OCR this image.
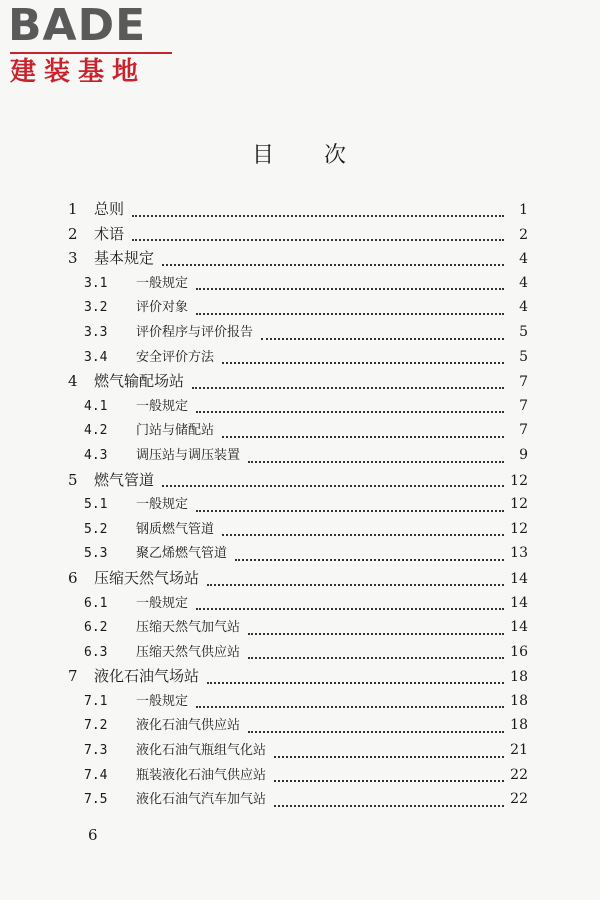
BADE
建装基地
目 次
1	总则	1
2	术语	2
3	基本规定	4
3.1	一般规定	4
3.2	评价对象	4
3.3	评价程序与评价报告	5
3.4	安全评价方法	5
4	燃气输配场站	7
4.1	一般规定	7
4.2	门站与储配站	7
4.3	调压站与调压装置	9
5	燃气管道	12
5.1	一般规定	12
5.2	钢质燃气管道	12
5.3	聚乙烯燃气管道	13
6	压缩天然气场站	14
6.1	一般规定	14
6.2	压缩天然气加气站	14
6.3	压缩天然气供应站	16
7	液化石油气场站	18
7.1	一般规定	18
7.2	液化石油气供应站	18
7.3	液化石油气瓶组气化站	21
7.4	瓶装液化石油气供应站	22
7.5	液化石油气汽车加气站	22
6
